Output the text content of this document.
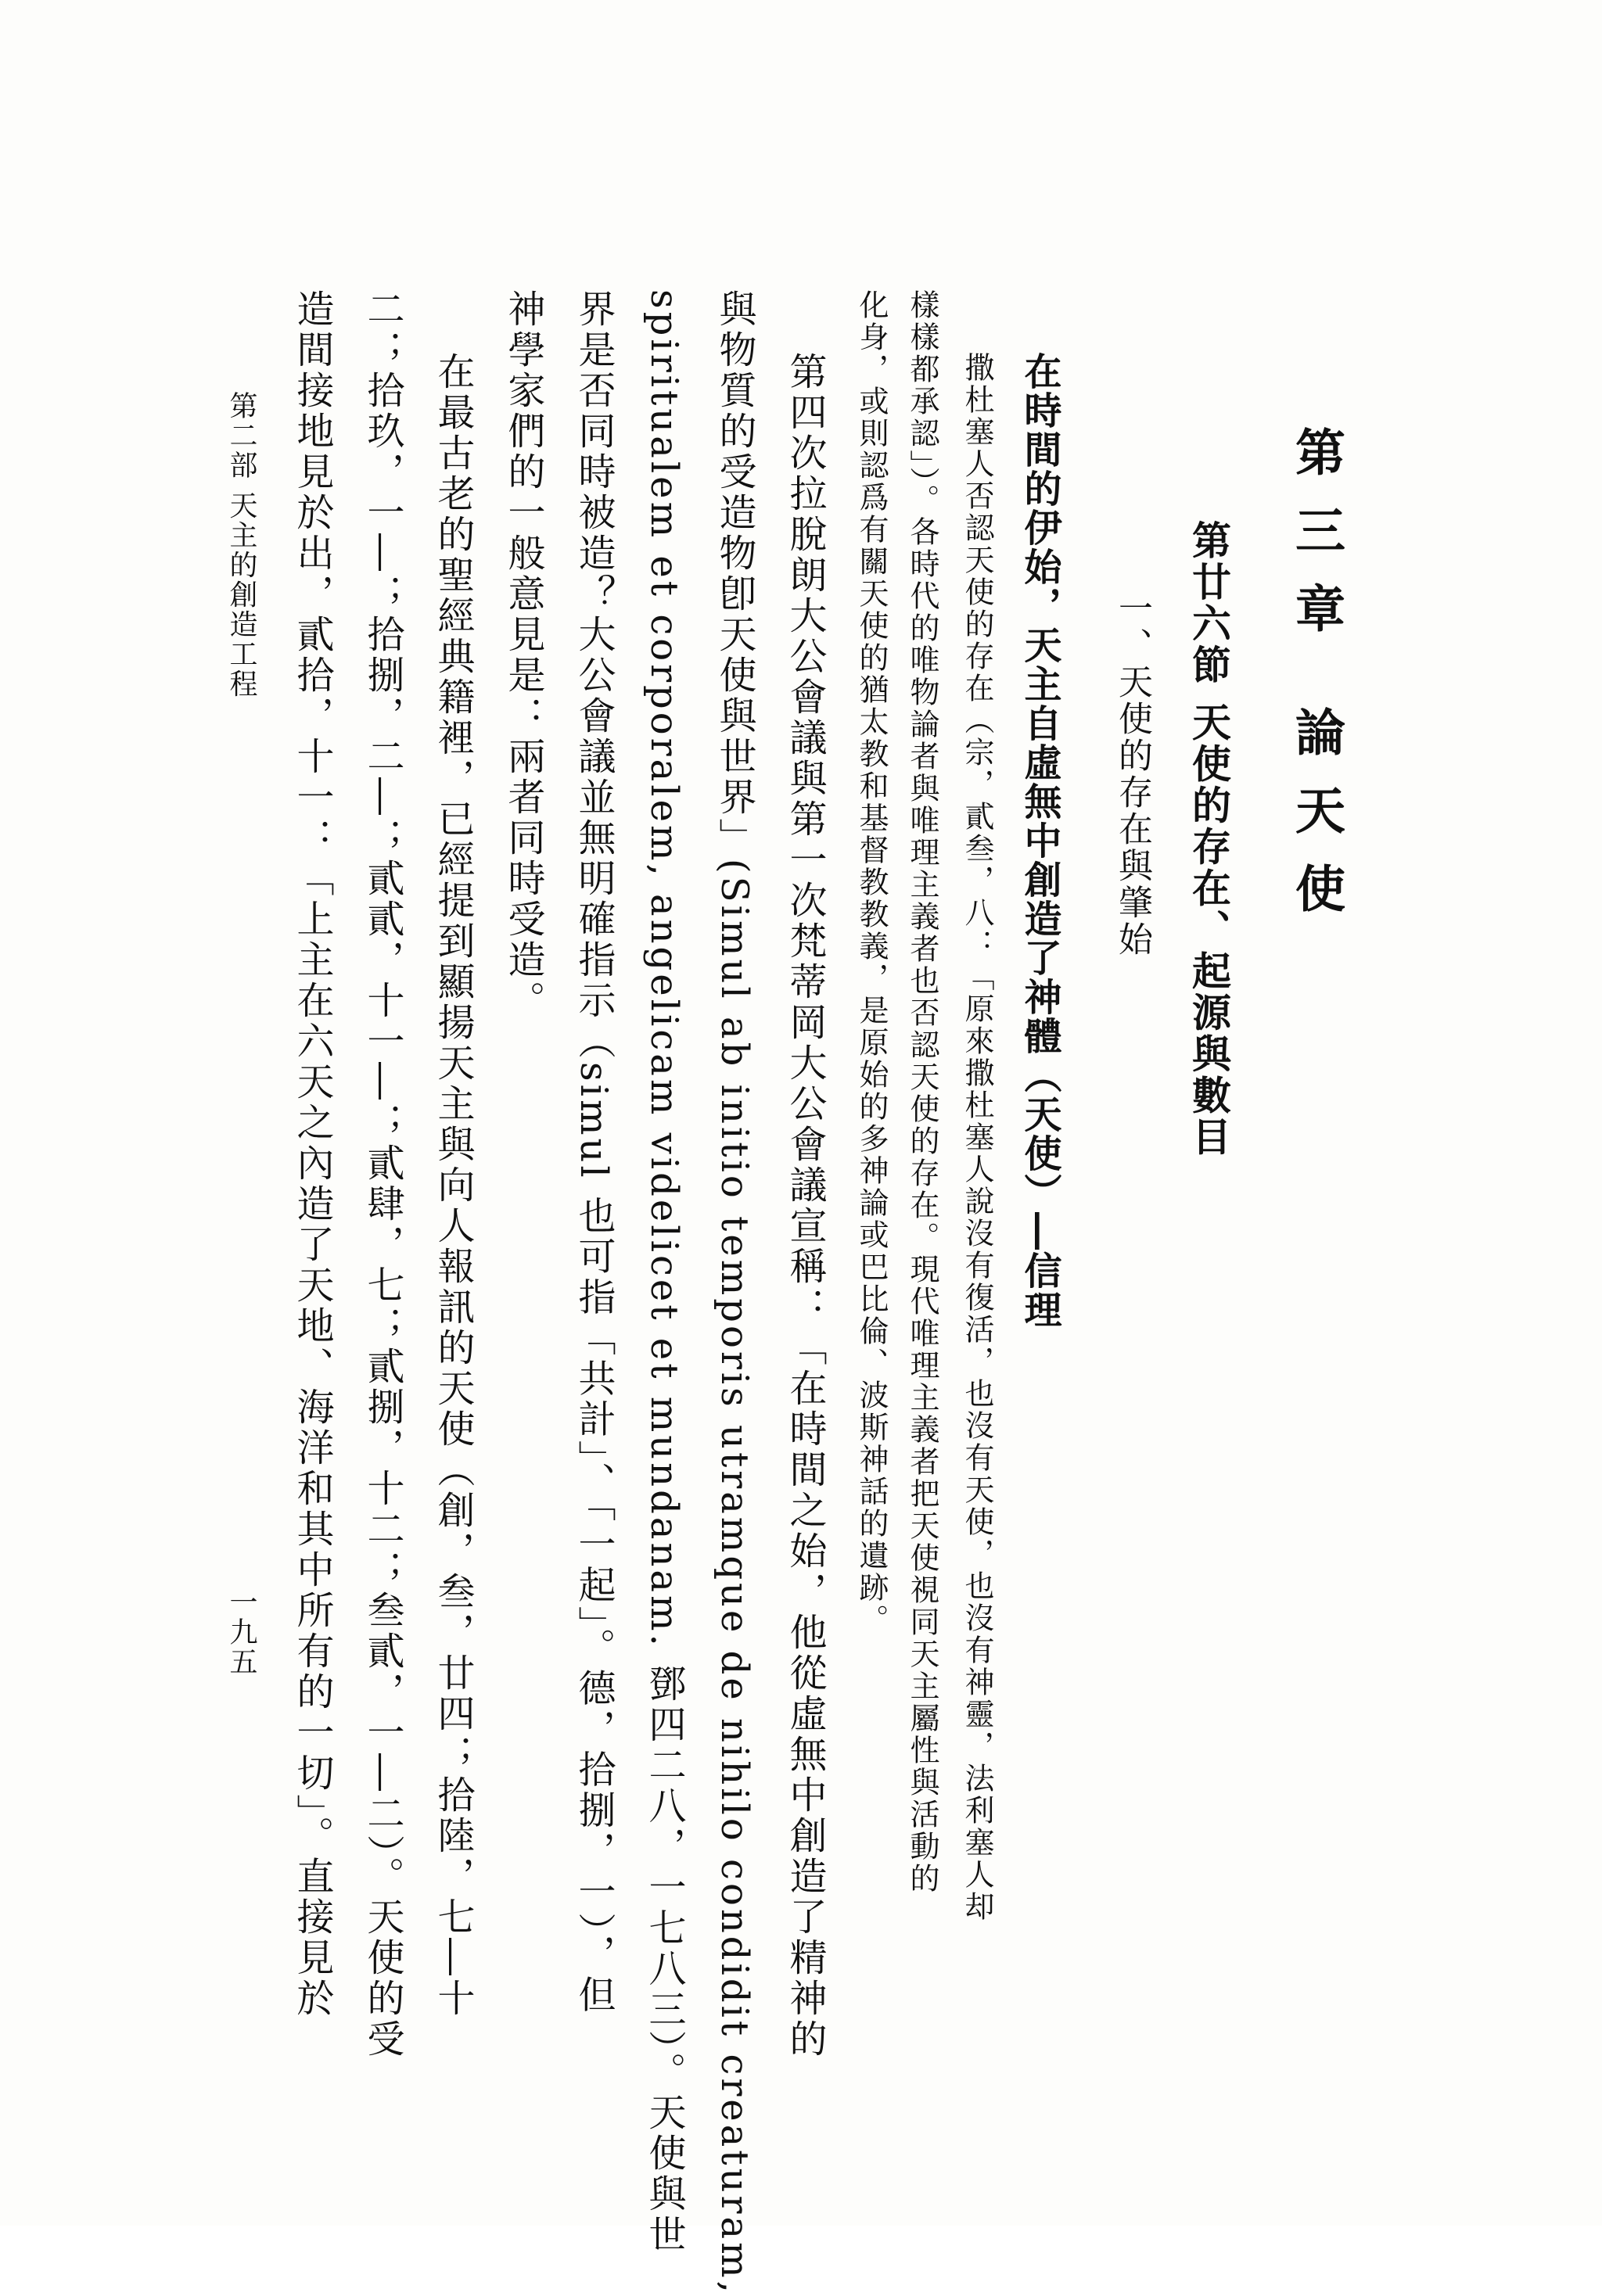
第三章 論天使
第廿六節 天使的存在、起源與數目
一、天使的存在與肇始
在時間的伊始，天主自虛無中創造了神體（天使）―信理
撒杜塞人否認天使的存在（宗，貳叁，八：「原來撒杜塞人說沒有復活，也沒有天使，也沒有神靈，法利塞人却
樣樣都承認」）。各時代的唯物論者與唯理主義者也否認天使的存在。現代唯理主義者把天使視同天主屬性與活動的
化身，或則認爲有關天使的猶太教和基督教教義，是原始的多神論或巴比倫、波斯神話的遺跡。
第四次拉脫朗大公會議與第一次梵蒂岡大公會議宣稱：「在時間之始，他從虛無中創造了精神的
與物質的受造物卽天使與世界」(Simul ab initio temporis utramque de nihilo condidit creaturam,
spiritualem et corporalem, angelicam videlicet et mundanam. 鄧四二八，一七八三）。天使與世
界是否同時被造？大公會議並無明確指示（simul 也可指「共計」、「一起」。德，拾捌，一），但
神學家們的一般意見是：兩者同時受造。
在最古老的聖經典籍裡，已經提到顯揚天主與向人報訊的天使（創，叁，廿四；拾陸，七―十
二；拾玖，一―；拾捌，二―；貳貳，十一―；貳肆，七；貳捌，十二；叁貳，一―二）。天使的受
造間接地見於出，貳拾，十一：「上主在六天之內造了天地、海洋和其中所有的一切」。直接見於
第二部 天主的創造工程
一九五
